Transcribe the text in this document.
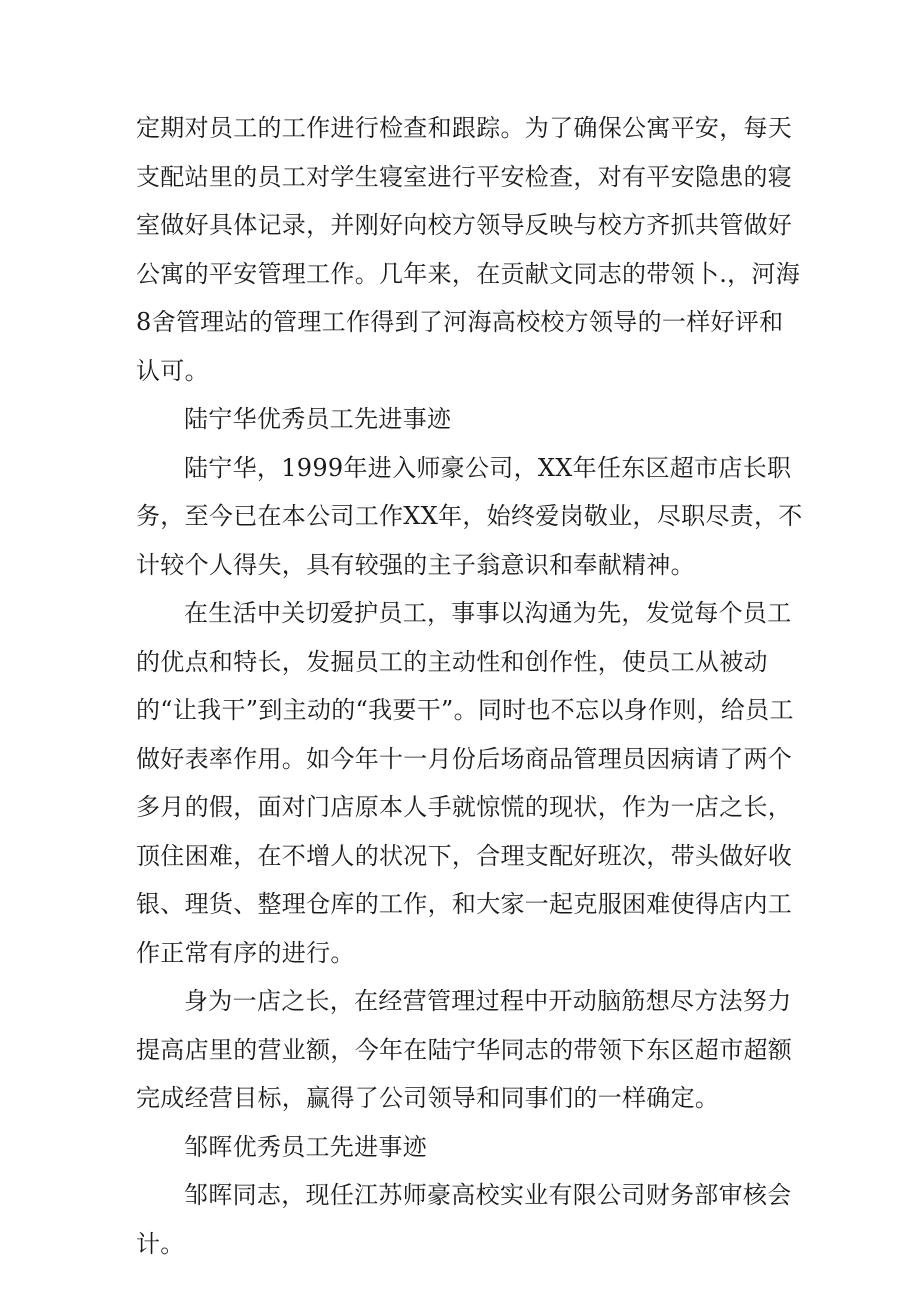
定期对员工的工作进行检查和跟踪。为了确保公寓平安，每天支配站里的员工对学生寝室进行平安检查，对有平安隐患的寝室做好具体记录，并刚好向校方领导反映与校方齐抓共管做好公寓的平安管理工作。几年来，在贡献文同志的带领卜.，河海8舍管理站的管理工作得到了河海高校校方领导的一样好评和认可。

陆宁华优秀员工先进事迹

陆宁华，1999年进入师豪公司，XX年任东区超市店长职务，至今已在本公司工作XX年，始终爱岗敬业，尽职尽责，不计较个人得失，具有较强的主子翁意识和奉献精神。

在生活中关切爱护员工，事事以沟通为先，发觉每个员工的优点和特长，发掘员工的主动性和创作性，使员工从被动的“让我干”到主动的“我要干”。同时也不忘以身作则，给员工做好表率作用。如今年十一月份后场商品管理员因病请了两个多月的假，面对门店原本人手就惊慌的现状，作为一店之长，顶住困难，在不增人的状况下，合理支配好班次，带头做好收银、理货、整理仓库的工作，和大家一起克服困难使得店内工作正常有序的进行。

身为一店之长，在经营管理过程中开动脑筋想尽方法努力提高店里的营业额，今年在陆宁华同志的带领下东区超市超额完成经营目标，赢得了公司领导和同事们的一样确定。

邹晖优秀员工先进事迹

邹晖同志，现任江苏师豪高校实业有限公司财务部审核会计。
